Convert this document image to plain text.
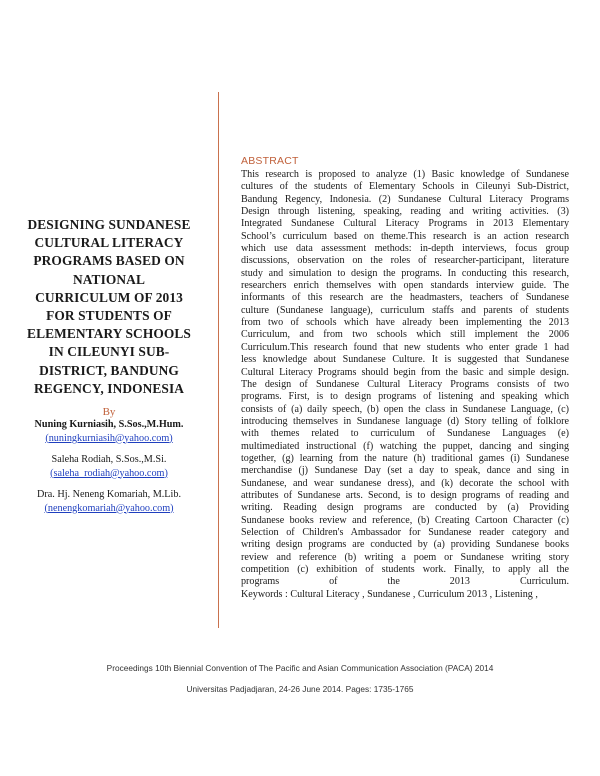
DESIGNING SUNDANESE
CULTURAL LITERACY
PROGRAMS BASED ON
NATIONAL
CURRICULUM OF 2013
FOR STUDENTS OF
ELEMENTARY SCHOOLS
IN CILEUNYI SUB-
DISTRICT, BANDUNG
REGENCY, INDONESIA
By
Nuning Kurniasih, S.Sos.,M.Hum.
(nuningkurniasih@yahoo.com)
Saleha Rodiah, S.Sos.,M.Si.
(saleha_rodiah@yahoo.com)
Dra. Hj. Neneng Komariah, M.Lib.
(nenengkomariah@yahoo.com)
ABSTRACT
This research is proposed to analyze (1) Basic knowledge of Sundanese
cultures of the students of Elementary Schools in Cileunyi Sub-District,
Bandung Regency, Indonesia. (2) Sundanese Cultural Literacy Programs
Design through listening, speaking, reading and writing activities. (3)
Integrated Sundanese Cultural Literacy Programs in 2013 Elementary
School’s curriculum based on theme.This research is an action research
which use data assessment methods: in-depth interviews, focus group
discussions, observation on the roles of researcher-participant, literature
study and simulation to design the programs. In conducting this research,
researchers enrich themselves with open standards interview guide. The
informants of this research are the headmasters, teachers of Sundanese
culture (Sundanese language), curriculum staffs and parents of students
from two of schools which have already been implementing the 2013
Curriculum, and from two schools which still implement the 2006
Curriculum.This research found that new students who enter grade 1 had
less knowledge about Sundanese Culture. It is suggested that Sundanese
Cultural Literacy Programs should begin from the basic and simple design.
The design of Sundanese Cultural Literacy Programs consists of two
programs. First, is to design programs of listening and speaking which
consists of (a) daily speech, (b) open the class in Sundanese Language, (c)
introducing themselves in Sundanese language (d) Story telling of folklore
with themes related to curriculum of Sundanese Languages (e)
multimediated instructional (f) watching the puppet, dancing and singing
together, (g) learning from the nature (h) traditional games (i) Sundanese
merchandise (j) Sundanese Day (set a day to speak, dance and sing in
Sundanese, and wear sundanese dress), and (k) decorate the school with
attributes of Sundanese arts. Second, is to design programs of reading and
writing. Reading design programs are conducted by (a) Providing
Sundanese books review and reference, (b) Creating Cartoon Character (c)
Selection of Children's Ambassador for Sundanese reader category and
writing design programs are conducted by (a) providing Sundanese books
review and reference (b) writing a poem or Sundanese writing story
competition (c) exhibition of students work. Finally, to apply all the
programs of the 2013 Curriculum.
Keywords : Cultural Literacy , Sundanese , Curriculum 2013 , Listening ,
Proceedings 10th Biennial Convention of The Pacific and Asian Communication Association (PACA) 2014
Universitas Padjadjaran, 24-26 June 2014. Pages: 1735-1765
